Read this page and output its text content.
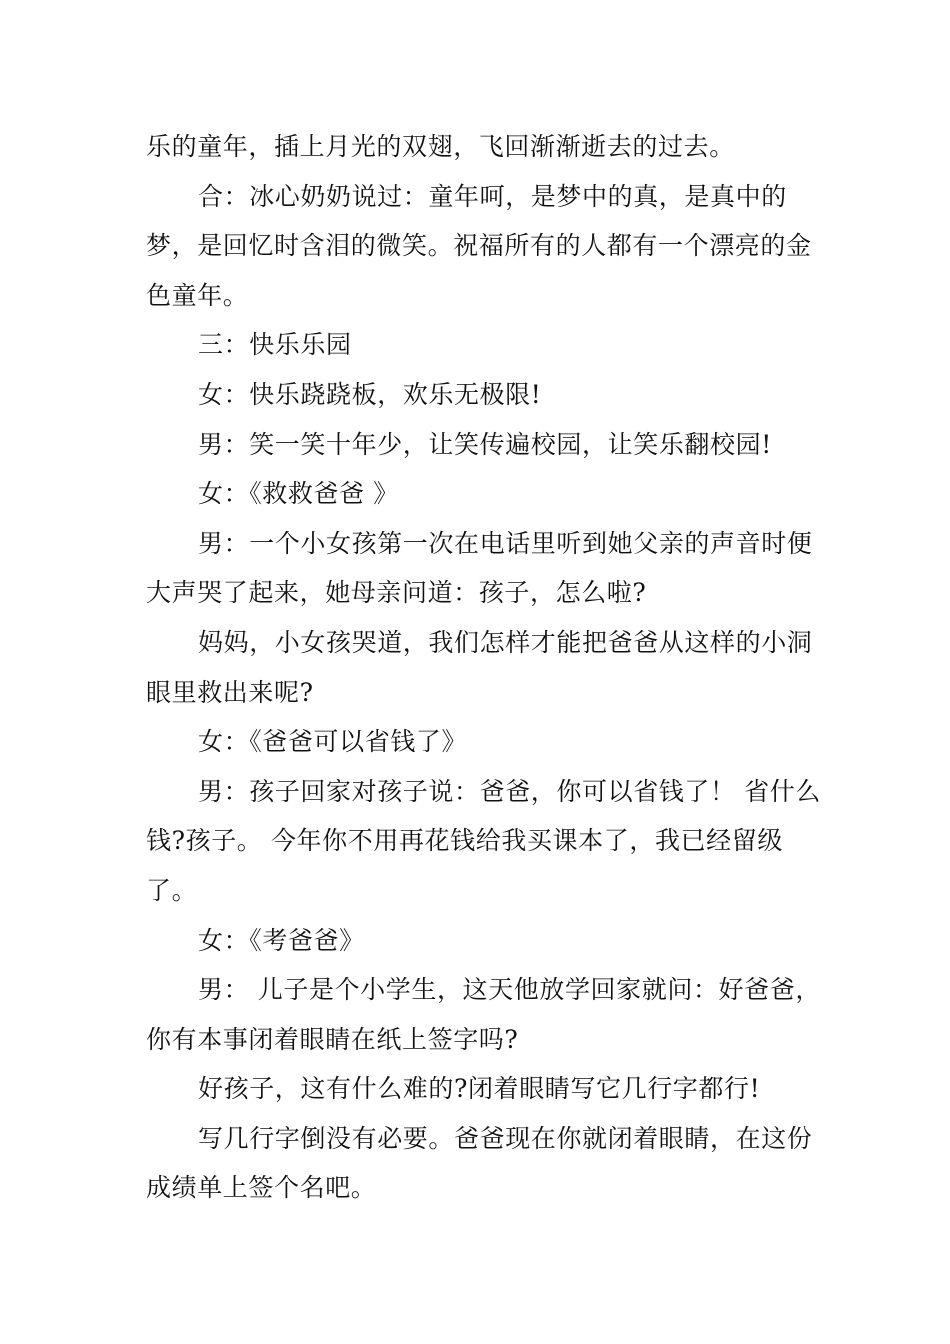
乐的童年，插上月光的双翅，飞回渐渐逝去的过去。

合：冰心奶奶说过：童年呵，是梦中的真，是真中的梦，是回忆时含泪的微笑。祝福所有的人都有一个漂亮的金色童年。

三：快乐乐园

女：快乐跷跷板，欢乐无极限!

男：笑一笑十年少，让笑传遍校园，让笑乐翻校园!

女：《救救爸爸 》

男：一个小女孩第一次在电话里听到她父亲的声音时便大声哭了起来，她母亲问道：孩子，怎么啦?

妈妈，小女孩哭道，我们怎样才能把爸爸从这样的小洞眼里救出来呢?

女：《爸爸可以省钱了》

男：孩子回家对孩子说：爸爸，你可以省钱了！ 省什么钱?孩子。 今年你不用再花钱给我买课本了，我已经留级了。

女：《考爸爸》

男： 儿子是个小学生，这天他放学回家就问：好爸爸，你有本事闭着眼睛在纸上签字吗?

好孩子，这有什么难的?闭着眼睛写它几行字都行!

写几行字倒没有必要。爸爸现在你就闭着眼睛，在这份成绩单上签个名吧。
